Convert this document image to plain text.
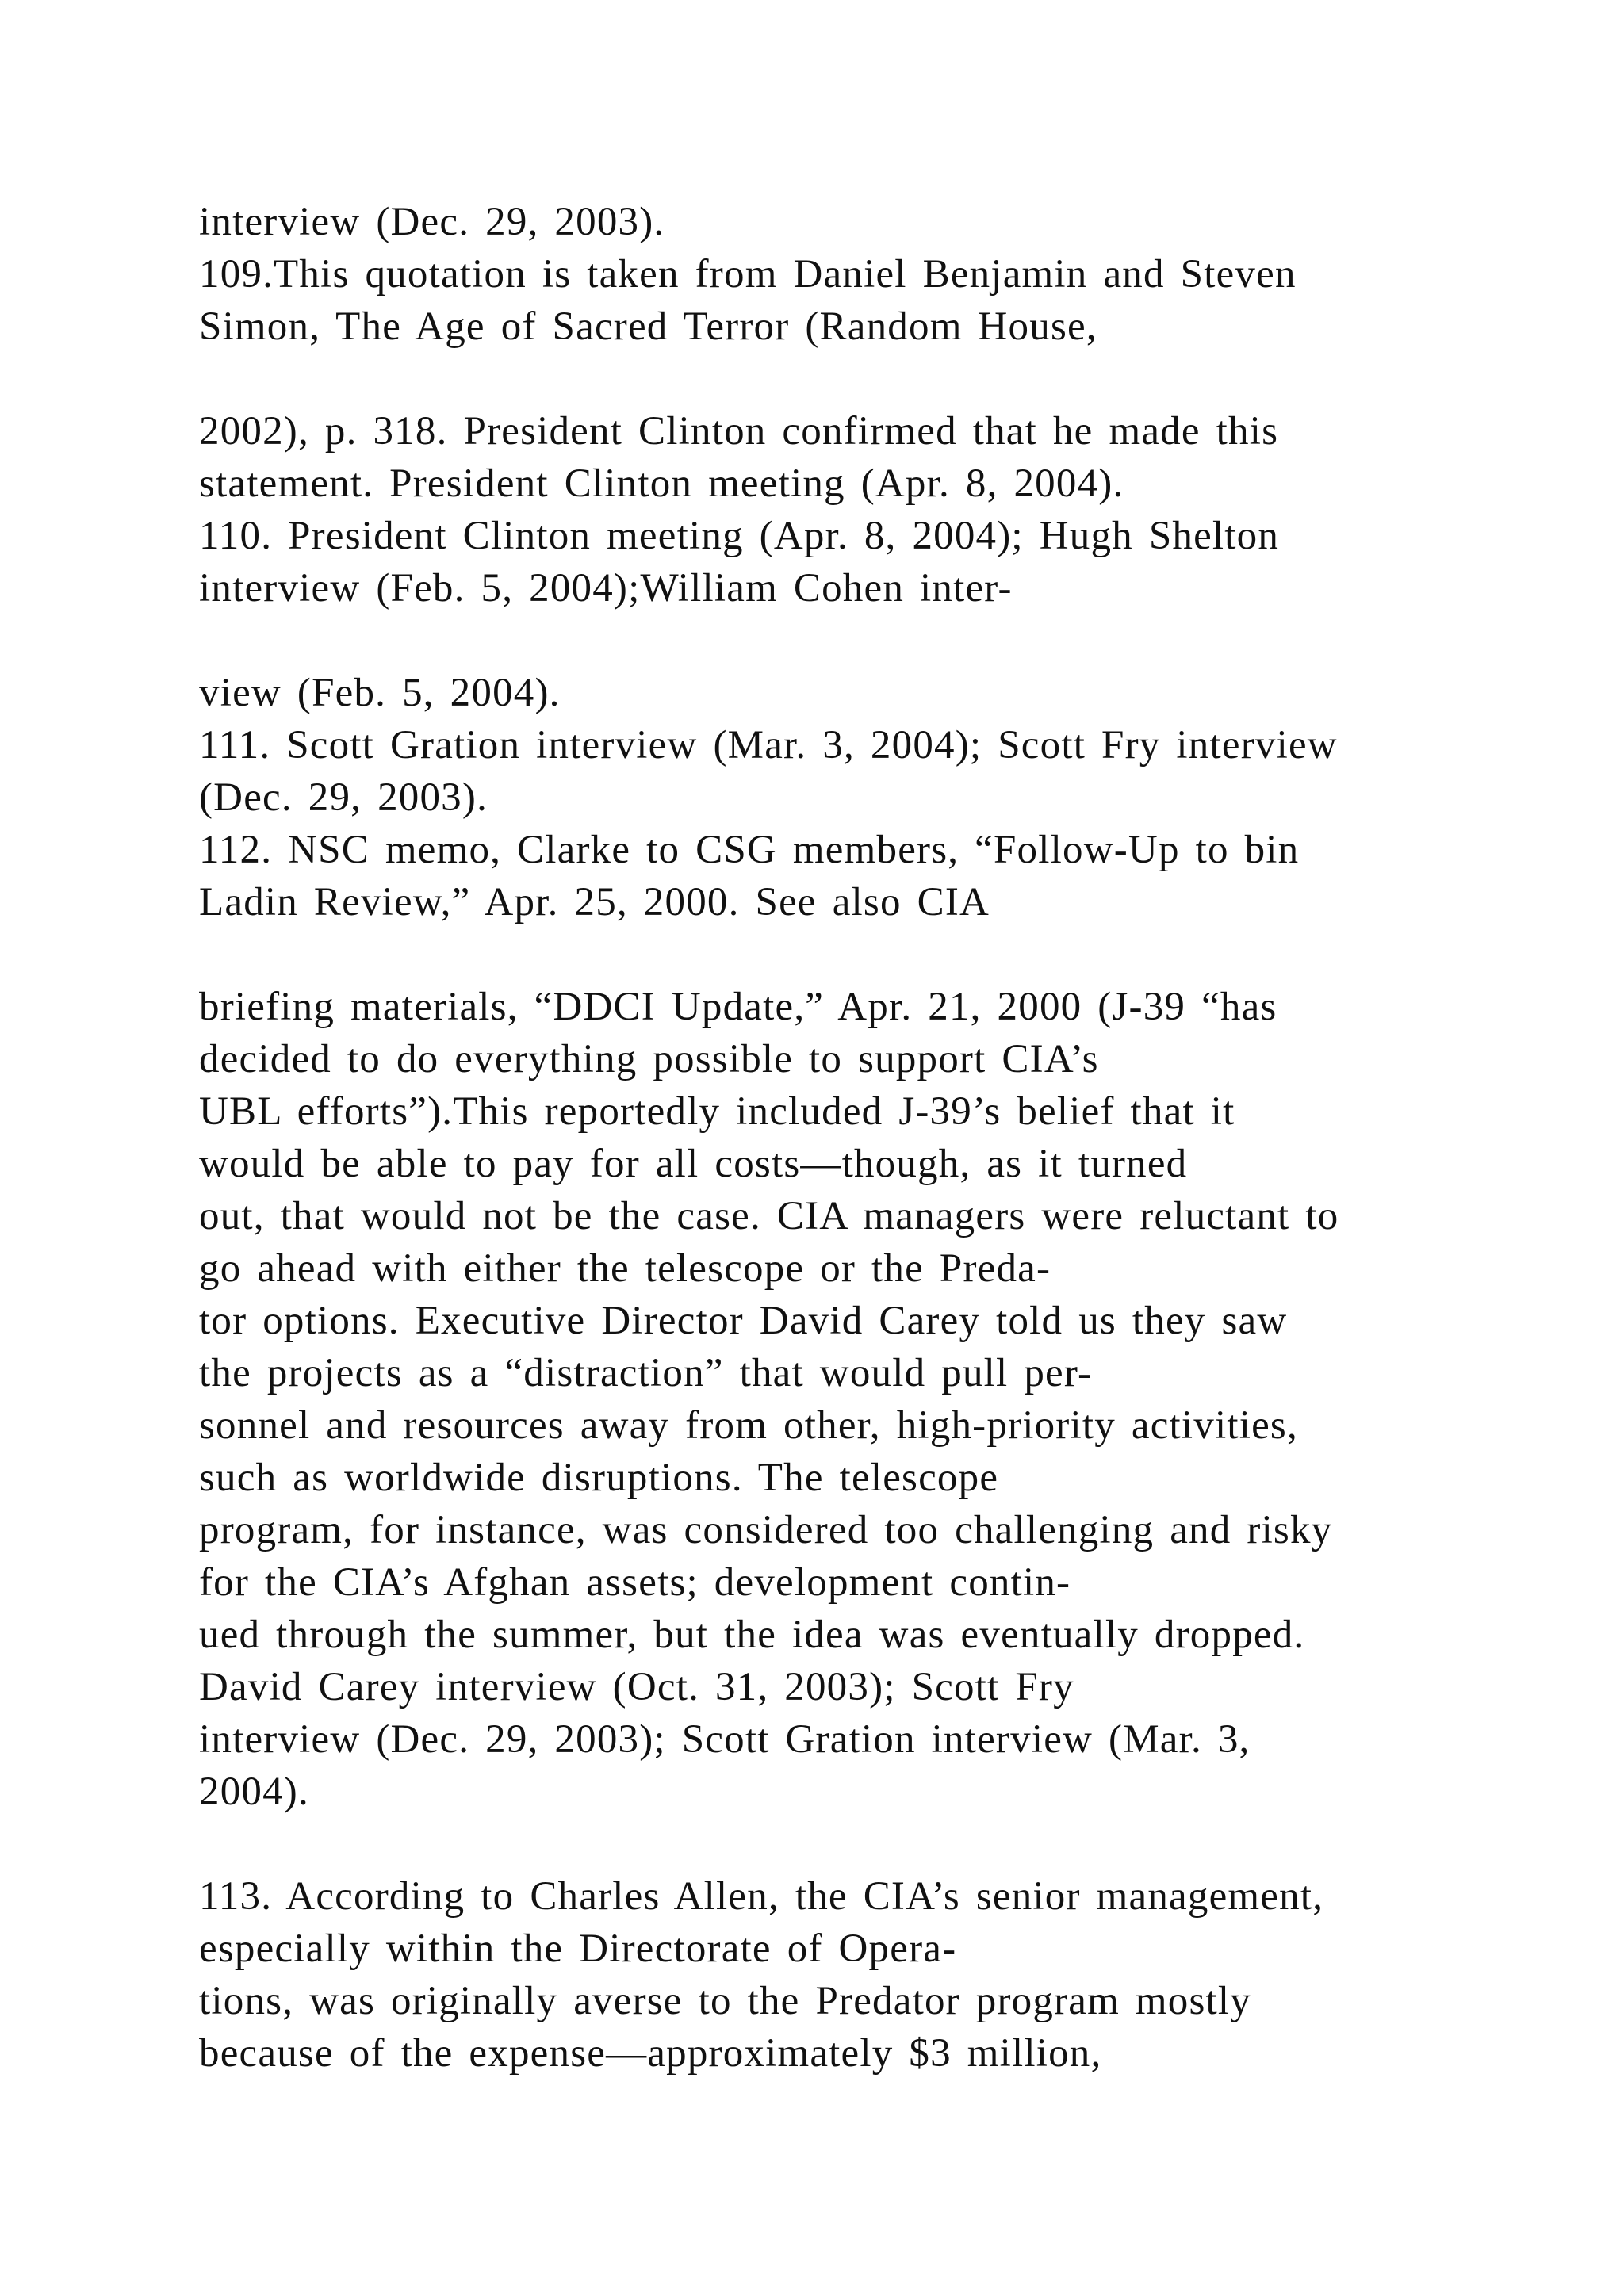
interview (Dec. 29, 2003).

109.This quotation is taken from Daniel Benjamin and Steven

Simon, The Age of Sacred Terror (Random House,

2002), p. 318. President Clinton confirmed that he made this

statement. President Clinton meeting (Apr. 8, 2004).

110. President Clinton meeting (Apr. 8, 2004); Hugh Shelton

interview (Feb. 5, 2004);William Cohen inter-

view (Feb. 5, 2004).

111. Scott Gration interview (Mar. 3, 2004); Scott Fry interview

(Dec. 29, 2003).

112. NSC memo, Clarke to CSG members, “Follow-Up to bin

Ladin Review,” Apr. 25, 2000. See also CIA

briefing materials, “DDCI Update,” Apr. 21, 2000 (J-39 “has

decided to do everything possible to support CIA’s

UBL efforts”).This reportedly included J-39’s belief that it

would be able to pay for all costs—though, as it turned

out, that would not be the case. CIA managers were reluctant to

go ahead with either the telescope or the Preda-

tor options. Executive Director David Carey told us they saw

the projects as a “distraction” that would pull per-

sonnel and resources away from other, high-priority activities,

such as worldwide disruptions. The telescope

program, for instance, was considered too challenging and risky

for the CIA’s Afghan assets; development contin-

ued through the summer, but the idea was eventually dropped.

David Carey interview (Oct. 31, 2003); Scott Fry

interview (Dec. 29, 2003); Scott Gration interview (Mar. 3,

2004).

113. According to Charles Allen, the CIA’s senior management,

especially within the Directorate of Opera-

tions, was originally averse to the Predator program mostly

because of the expense—approximately $3 million,
